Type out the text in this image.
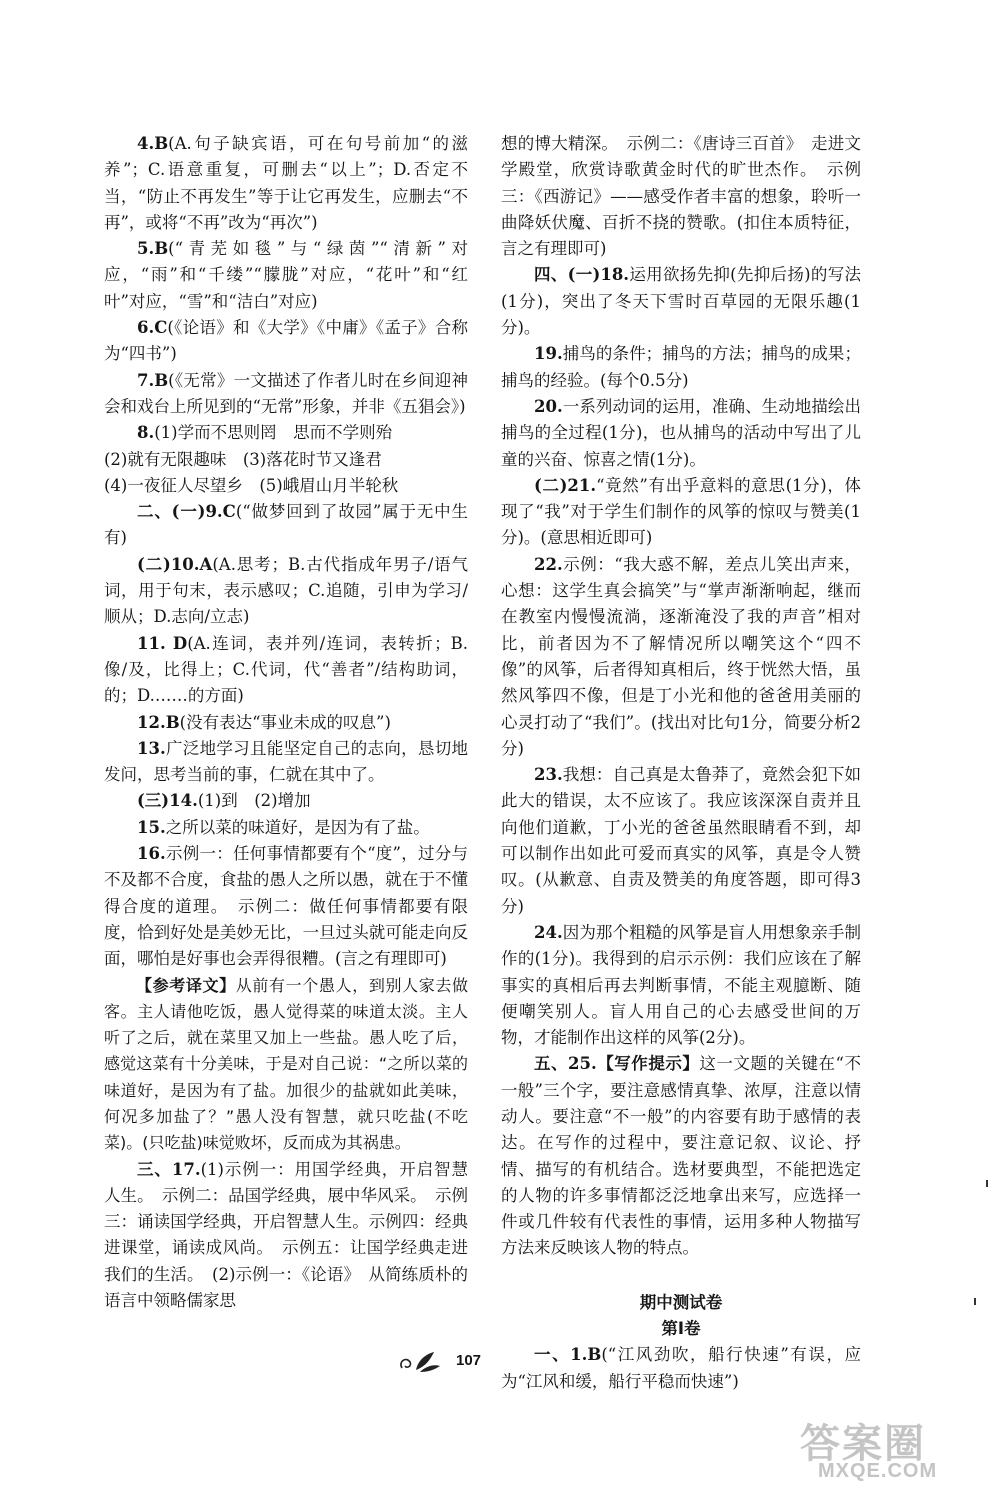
4.B(A.句子缺宾语，可在句号前加“的滋养”；C.语意重复，可删去“以上”；D.否定不当，“防止不再发生”等于让它再发生，应删去“不再”，或将“不再”改为“再次”)

5.B(“青芜如毯”与“绿茵”“清新”对应，“雨”和“千缕”“朦胧”对应，“花叶”和“红叶”对应，“雪”和“洁白”对应)

6.C(《论语》和《大学》《中庸》《孟子》合称为“四书”)

7.B(《无常》一文描述了作者儿时在乡间迎神会和戏台上所见到的“无常”形象，并非《五猖会》)

8.(1)学而不思则罔　思而不学则殆

(2)就有无限趣味　(3)落花时节又逢君

(4)一夜征人尽望乡　(5)峨眉山月半轮秋

二、(一)9.C(“做梦回到了故园”属于无中生有)

(二)10.A(A.思考；B.古代指成年男子/语气词，用于句末，表示感叹；C.追随，引申为学习/顺从；D.志向/立志)

11. D(A.连词，表并列/连词，表转折；B.像/及，比得上；C.代词，代“善者”/结构助词，的；D.……的方面)

12.B(没有表达“事业未成的叹息”)

13.广泛地学习且能坚定自己的志向，恳切地发问，思考当前的事，仁就在其中了。

(三)14.(1)到　(2)增加

15.之所以菜的味道好，是因为有了盐。

16.示例一：任何事情都要有个“度”，过分与不及都不合度，食盐的愚人之所以愚，就在于不懂得合度的道理。　示例二：做任何事情都要有限度，恰到好处是美妙无比，一旦过头就可能走向反面，哪怕是好事也会弄得很糟。(言之有理即可)

【参考译文】从前有一个愚人，到别人家去做客。主人请他吃饭，愚人觉得菜的味道太淡。主人听了之后，就在菜里又加上一些盐。愚人吃了后，感觉这菜有十分美味，于是对自己说：“之所以菜的味道好，是因为有了盐。加很少的盐就如此美味，何况多加盐了？”愚人没有智慧，就只吃盐(不吃菜)。(只吃盐)味觉败坏，反而成为其祸患。

三、17.(1)示例一：用国学经典，开启智慧人生。　示例二：品国学经典，展中华风采。　示例三：诵读国学经典，开启智慧人生。示例四：经典进课堂，诵读成风尚。　示例五：让国学经典走进我们的生活。　(2)示例一：《论语》　从简练质朴的语言中领略儒家思

想的博大精深。　示例二：《唐诗三百首》　走进文学殿堂，欣赏诗歌黄金时代的旷世杰作。　示例三：《西游记》——感受作者丰富的想象，聆听一曲降妖伏魔、百折不挠的赞歌。(扣住本质特征，言之有理即可)

四、(一)18.运用欲扬先抑(先抑后扬)的写法(1分)，突出了冬天下雪时百草园的无限乐趣(1分)。

19.捕鸟的条件；捕鸟的方法；捕鸟的成果；捕鸟的经验。(每个0.5分)

20.一系列动词的运用，准确、生动地描绘出捕鸟的全过程(1分)，也从捕鸟的活动中写出了儿童的兴奋、惊喜之情(1分)。

(二)21.“竟然”有出乎意料的意思(1分)，体现了“我”对于学生们制作的风筝的惊叹与赞美(1分)。(意思相近即可)

22.示例：“我大惑不解，差点儿笑出声来，心想：这学生真会搞笑”与“掌声渐渐响起，继而在教室内慢慢流淌，逐渐淹没了我的声音”相对比，前者因为不了解情况所以嘲笑这个“四不像”的风筝，后者得知真相后，终于恍然大悟，虽然风筝四不像，但是丁小光和他的爸爸用美丽的心灵打动了“我们”。(找出对比句1分，简要分析2分)

23.我想：自己真是太鲁莽了，竟然会犯下如此大的错误，太不应该了。我应该深深自责并且向他们道歉，丁小光的爸爸虽然眼睛看不到，却可以制作出如此可爱而真实的风筝，真是令人赞叹。(从歉意、自责及赞美的角度答题，即可得3分)

24.因为那个粗糙的风筝是盲人用想象亲手制作的(1分)。我得到的启示示例：我们应该在了解事实的真相后再去判断事情，不能主观臆断、随便嘲笑别人。盲人用自己的心去感受世间的万物，才能制作出这样的风筝(2分)。

五、25.【写作提示】这一文题的关键在“不一般”三个字，要注意感情真挚、浓厚，注意以情动人。要注意“不一般”的内容要有助于感情的表达。在写作的过程中，要注意记叙、议论、抒情、描写的有机结合。选材要典型，不能把选定的人物的许多事情都泛泛地拿出来写，应选择一件或几件较有代表性的事情，运用多种人物描写方法来反映该人物的特点。

期中测试卷
第Ⅰ卷

一、1.B(“江风劲吹，船行快速”有误，应为“江风和缓，船行平稳而快速”)

107
答案圈
MXQE.COM
